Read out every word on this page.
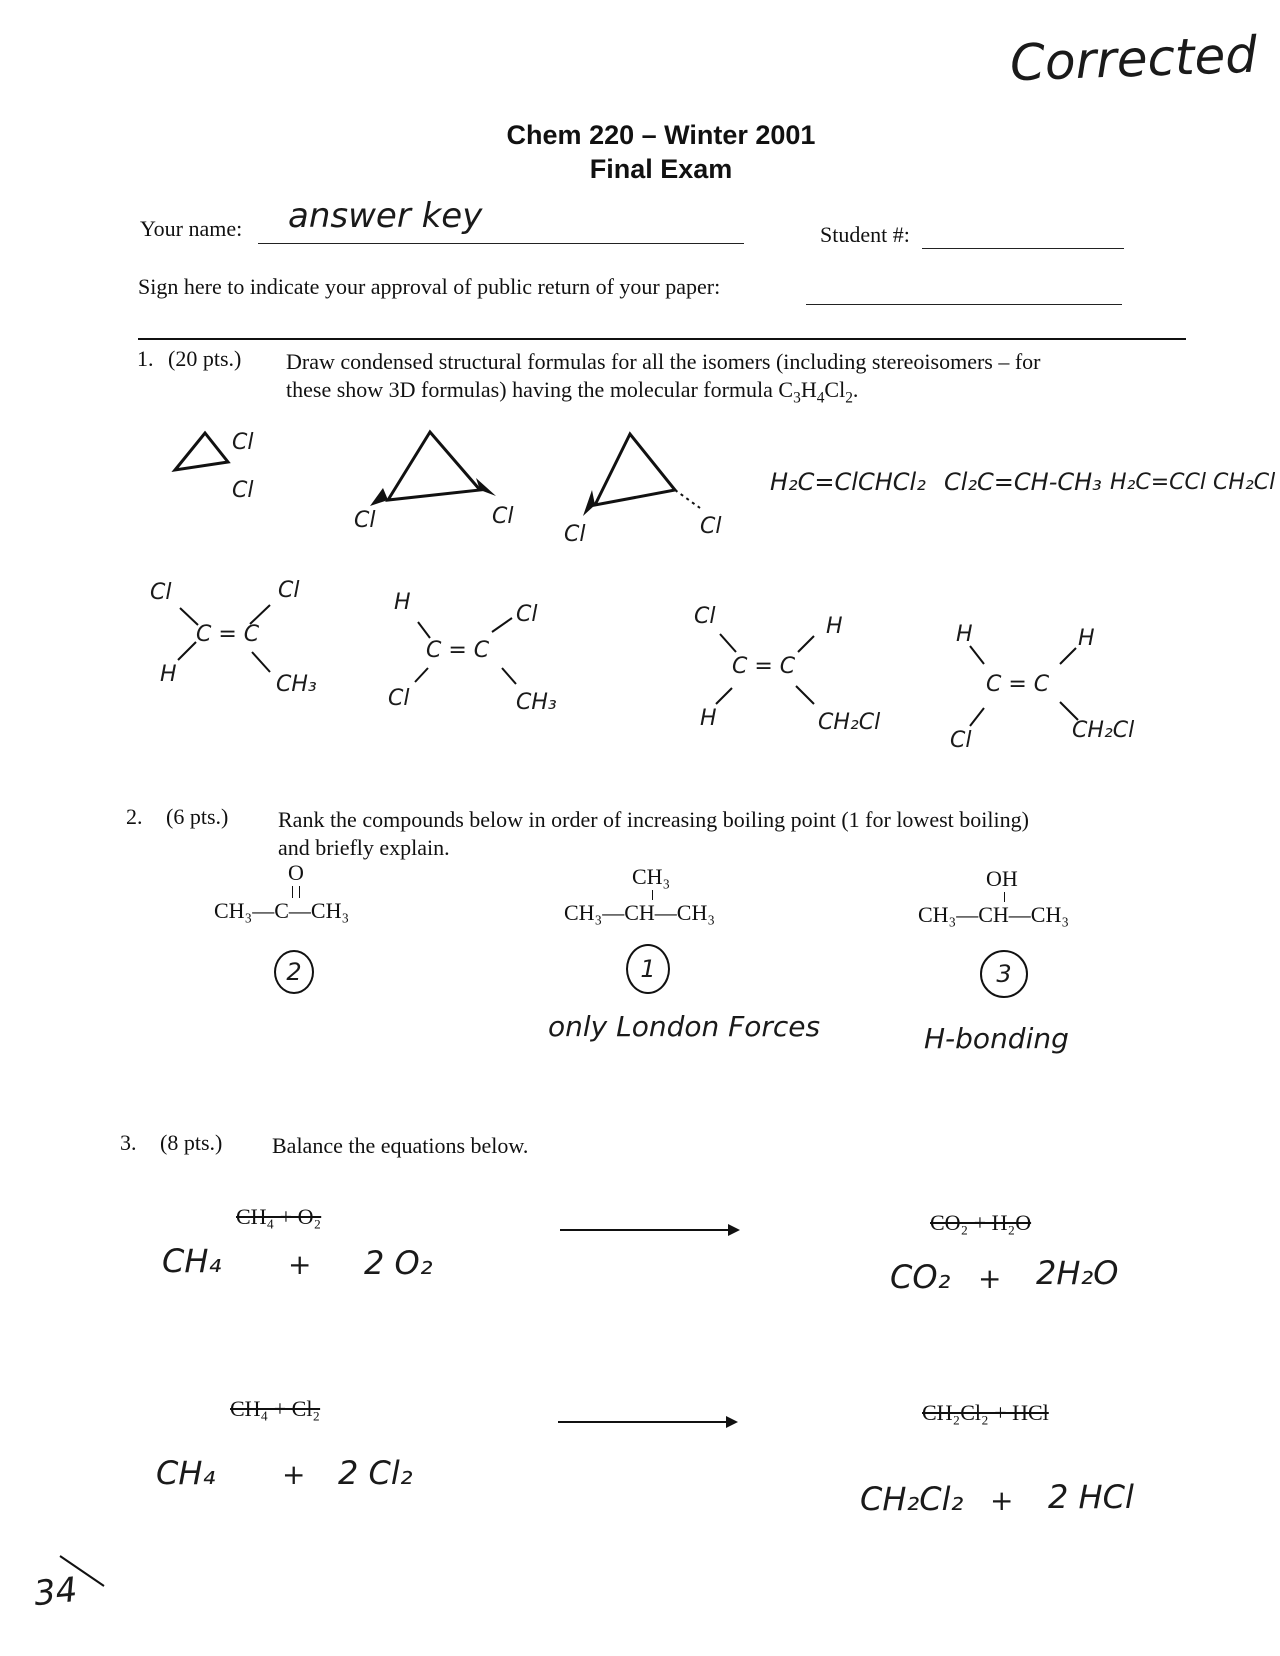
Corrected
Chem 220 – Winter 2001
Final Exam
Your name: answer key	Student #:
Sign here to indicate your approval of public return of your paper:
1. (20 pts.) Draw condensed structural formulas for all the isomers (including stereoisomers – for
these show 3D formulas) having the molecular formula $C_3H_4Cl_2$.
Cl
Cl
Cl	Cl
Cl	Cl
H₂C=ClCHCl₂ Cl₂C=CH-CH₃ H₂C=CCl CH₂Cl
Cl
H
C = C
Cl
CH₃
H
Cl
C = C
Cl
CH₃
Cl
H
C = C
H
CH₂Cl
H
Cl
C = C
H
CH₂Cl
2. (6 pts.) Rank the compounds below in order of increasing boiling point (1 for lowest boiling)
and briefly explain.
O
CH₃—C—CH₃
2
CH₃
CH₃—CH—CH₃
1
only London Forces
OH
CH₃—CH—CH₃
3
H-bonding
3. (8 pts.) Balance the equations below.
CH₄ + O₂
CH₄ + 2 O₂
CO₂ + H₂O
CO₂ + 2H₂O
CH₄ + Cl₂
CH₄ + 2 Cl₂
CH₂Cl₂ + HCl
CH₂Cl₂ + 2 HCl
34
